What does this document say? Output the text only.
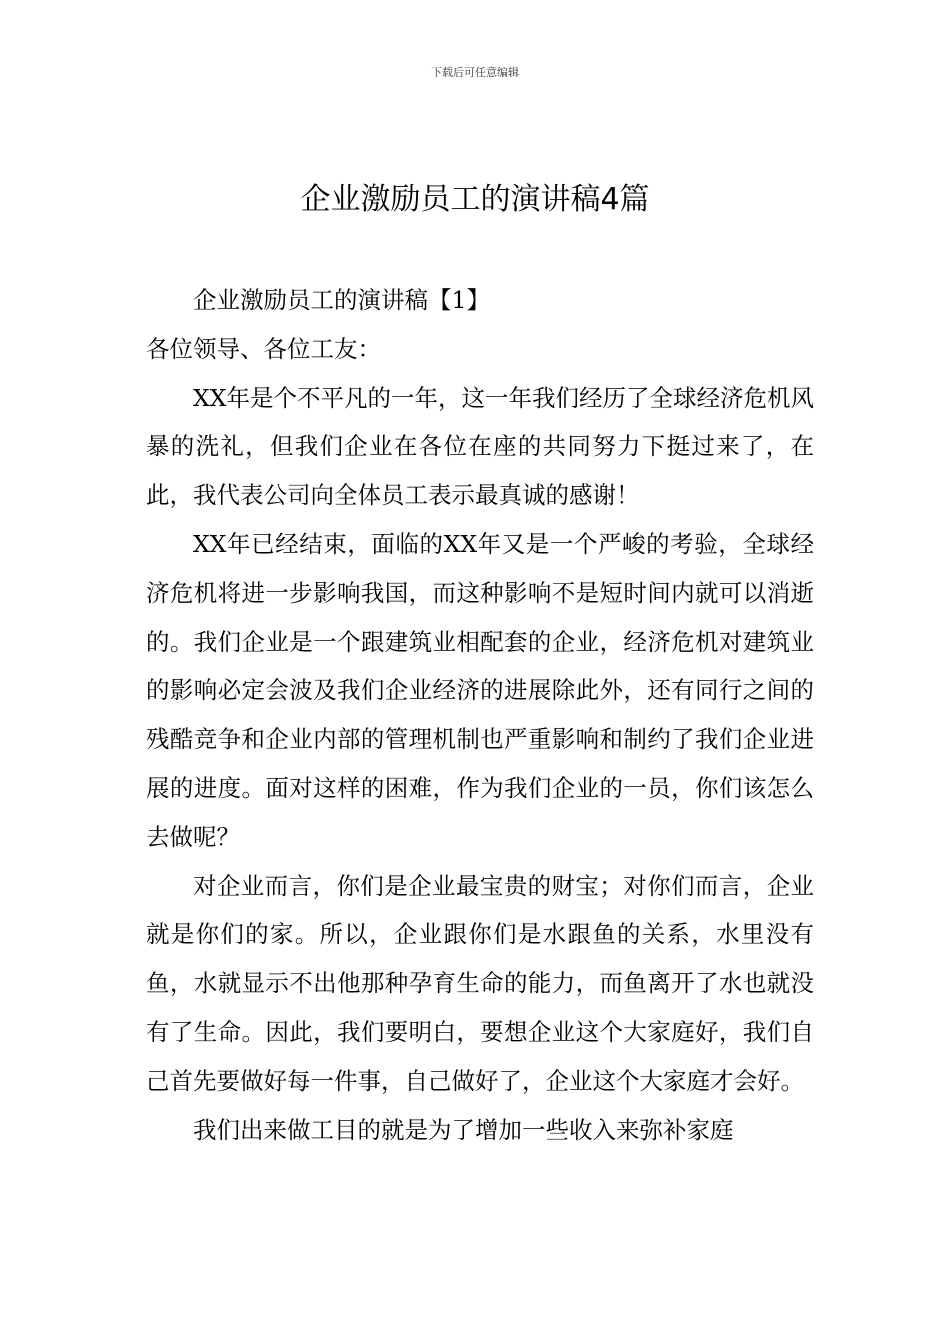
下载后可任意编辑
企业激励员工的演讲稿4篇

企业激励员工的演讲稿【1】

各位领导、各位工友：

XX年是个不平凡的一年，这一年我们经历了全球经济危机风暴的洗礼，但我们企业在各位在座的共同努力下挺过来了，在此，我代表公司向全体员工表示最真诚的感谢！

XX年已经结束，面临的XX年又是一个严峻的考验，全球经济危机将进一步影响我国，而这种影响不是短时间内就可以消逝的。我们企业是一个跟建筑业相配套的企业，经济危机对建筑业的影响必定会波及我们企业经济的进展除此外，还有同行之间的残酷竞争和企业内部的管理机制也严重影响和制约了我们企业进展的进度。面对这样的困难，作为我们企业的一员，你们该怎么去做呢？

对企业而言，你们是企业最宝贵的财宝；对你们而言，企业就是你们的家。所以，企业跟你们是水跟鱼的关系，水里没有鱼，水就显示不出他那种孕育生命的能力，而鱼离开了水也就没有了生命。因此，我们要明白，要想企业这个大家庭好，我们自己首先要做好每一件事，自己做好了，企业这个大家庭才会好。

我们出来做工目的就是为了增加一些收入来弥补家庭
